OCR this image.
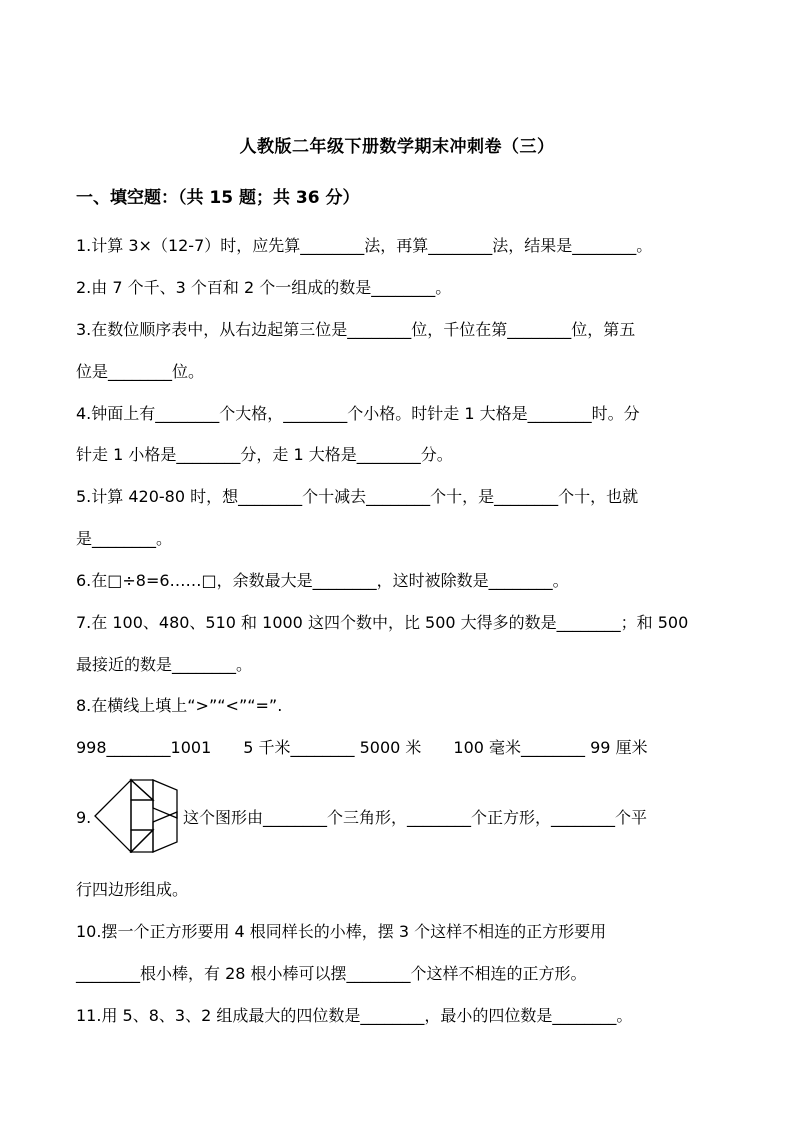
人教版二年级下册数学期末冲刺卷（三）
一、填空题：（共 15 题；共 36 分）
1.计算 3×（12-7）时，应先算________法，再算________法，结果是________。
2.由 7 个千、3 个百和 2 个一组成的数是________。
3.在数位顺序表中，从右边起第三位是________位，千位在第________位，第五
位是________位。
4.钟面上有________个大格，________个小格。时针走 1 大格是________时。分
针走 1 小格是________分，走 1 大格是________分。
5.计算 420-80 时，想________个十减去________个十，是________个十，也就
是________。
6.在□÷8=6……□，余数最大是________，这时被除数是________。
7.在 100、480、510 和 1000 这四个数中，比 500 大得多的数是________；和 500
最接近的数是________。
8.在横线上填上“>”“<”“=”.
998________1001　　5 千米________ 5000 米　　100 毫米________ 99 厘米
9.	这个图形由________个三角形，________个正方形，________个平
行四边形组成。
10.摆一个正方形要用 4 根同样长的小棒，摆 3 个这样不相连的正方形要用
________根小棒，有 28 根小棒可以摆________个这样不相连的正方形。
11.用 5、8、3、2 组成最大的四位数是________，最小的四位数是________。
